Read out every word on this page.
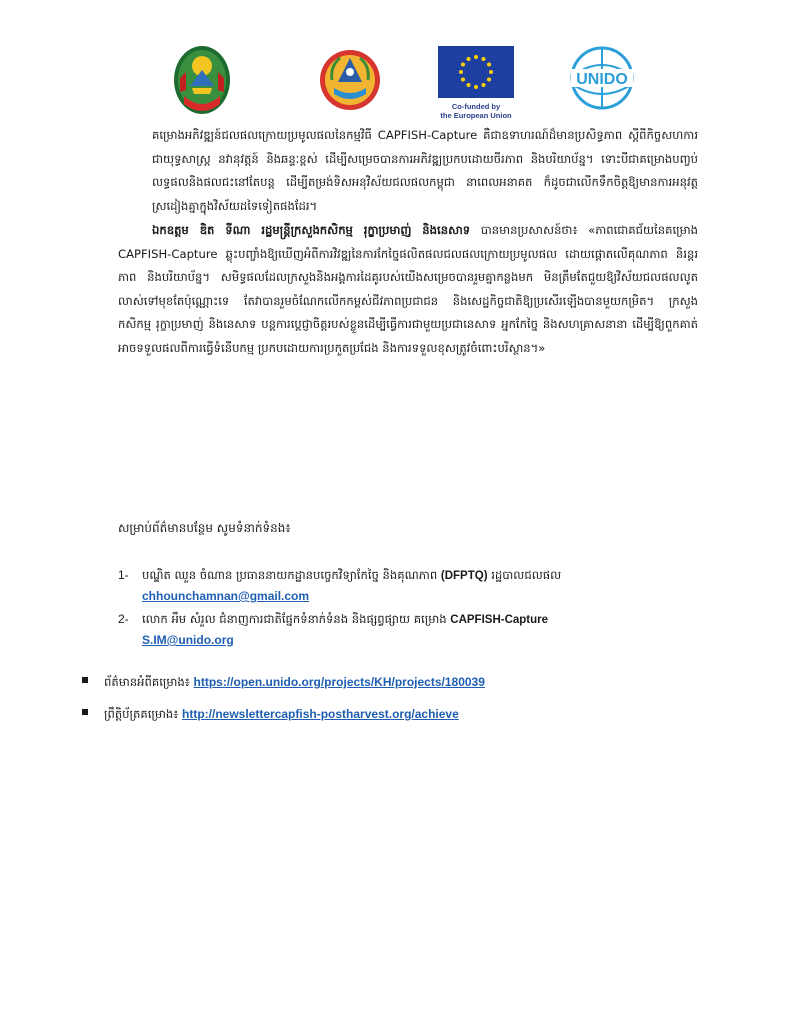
Co-funded by
the European Union
UNIDO
គម្រោងអភិវឌ្ឍន៍ជលផលក្រោយប្រមូលផលនៃកម្មវិធី CAPFISH-Capture គឺជាឧទាហរណ៍ដ៏មានប្រសិទ្ធភាព ស្តីពីកិច្ចសហការជាយុទ្ធសាស្ត្រ នវានុវត្តន៍ និងឆន្ទៈខ្ពស់ ដើម្បីសម្រេចបានការអភិវឌ្ឍប្រកបដោយចីរភាព និងបរិយាប័ន្ន។ ទោះបីជាគម្រោងបញ្ចប់ លទ្ធផលនិងផលជះនៅតែបន្ត ដើម្បីតម្រង់ទិសអនុវិស័យជលផលកម្ពុជា នាពេលអនាគត ក៏ដូចជាលើកទឹកចិត្តឱ្យមានការអនុវត្តស្រដៀងគ្នាក្នុងវិស័យដទៃទៀតផងដែរ។
ឯកឧត្តម ឌិត ទីណា រដ្ឋមន្ត្រីក្រសួងកសិកម្ម រុក្ខាប្រមាញ់ និងនេសាទ បានមានប្រសាសន៍ថា៖ «ភាពជោគជ័យនៃគម្រោង CAPFISH-Capture ឆ្លុះបញ្ចាំងឱ្យឃើញអំពីការវិវឌ្ឍនៃការកែច្នៃផលិតផលជលផលក្រោយប្រមូលផល ដោយផ្ដោតលើគុណភាព និរន្តរភាព និងបរិយាប័ន្ន។ សមិទ្ធផលដែលក្រសួងនិងអង្គការដៃគូរបស់យើងសម្រេចបានរួមគ្នាកន្លងមក មិនត្រឹមតែជួយឱ្យវិស័យជលផលលូតលាស់ទៅមុខតែប៉ុណ្ណោះទេ តែវាបានរួមចំណែកលើកកម្ពស់ជីវភាពប្រជាជន និងសេដ្ឋកិច្ចជាតិឱ្យប្រសើរឡើងបានមួយកម្រិត។ ក្រសួងកសិកម្ម រុក្ខាប្រមាញ់ និងនេសាទ បន្តការប្តេជ្ញាចិត្តរបស់ខ្លួនដើម្បីធ្វើការជាមួយប្រជានេសាទ អ្នកកែច្នៃ និងសហគ្រាសនានា ដើម្បីឱ្យពួកគាត់អាចទទួលផលពីការធ្វើទំនើបកម្ម ប្រកបដោយការប្រកួតប្រជែង និងការទទួលខុសត្រូវចំពោះបរិស្ថាន។»
សម្រាប់ព័ត៌មានបន្ថែម សូមទំនាក់ទំនង៖
1- បណ្ឌិត ឈួន ចំណាន ប្រធាននាយកដ្ឋានបច្ចេកវិទ្យាកែច្នៃ និងគុណភាព (DFPTQ) រដ្ឋបាលជលផល
chhounchamnan@gmail.com
2- លោក អឹម សំរួល ជំនាញការជាតិផ្នែកទំនាក់ទំនង និងផ្សព្វផ្សាយ គម្រោង CAPFISH-Capture
S.IM@unido.org
ព័ត៌មានអំពីគម្រោង៖ https://open.unido.org/projects/KH/projects/180039
ព្រឹត្តិប័ត្រគម្រោង៖ http://newslettercapfish-postharvest.org/achieve
